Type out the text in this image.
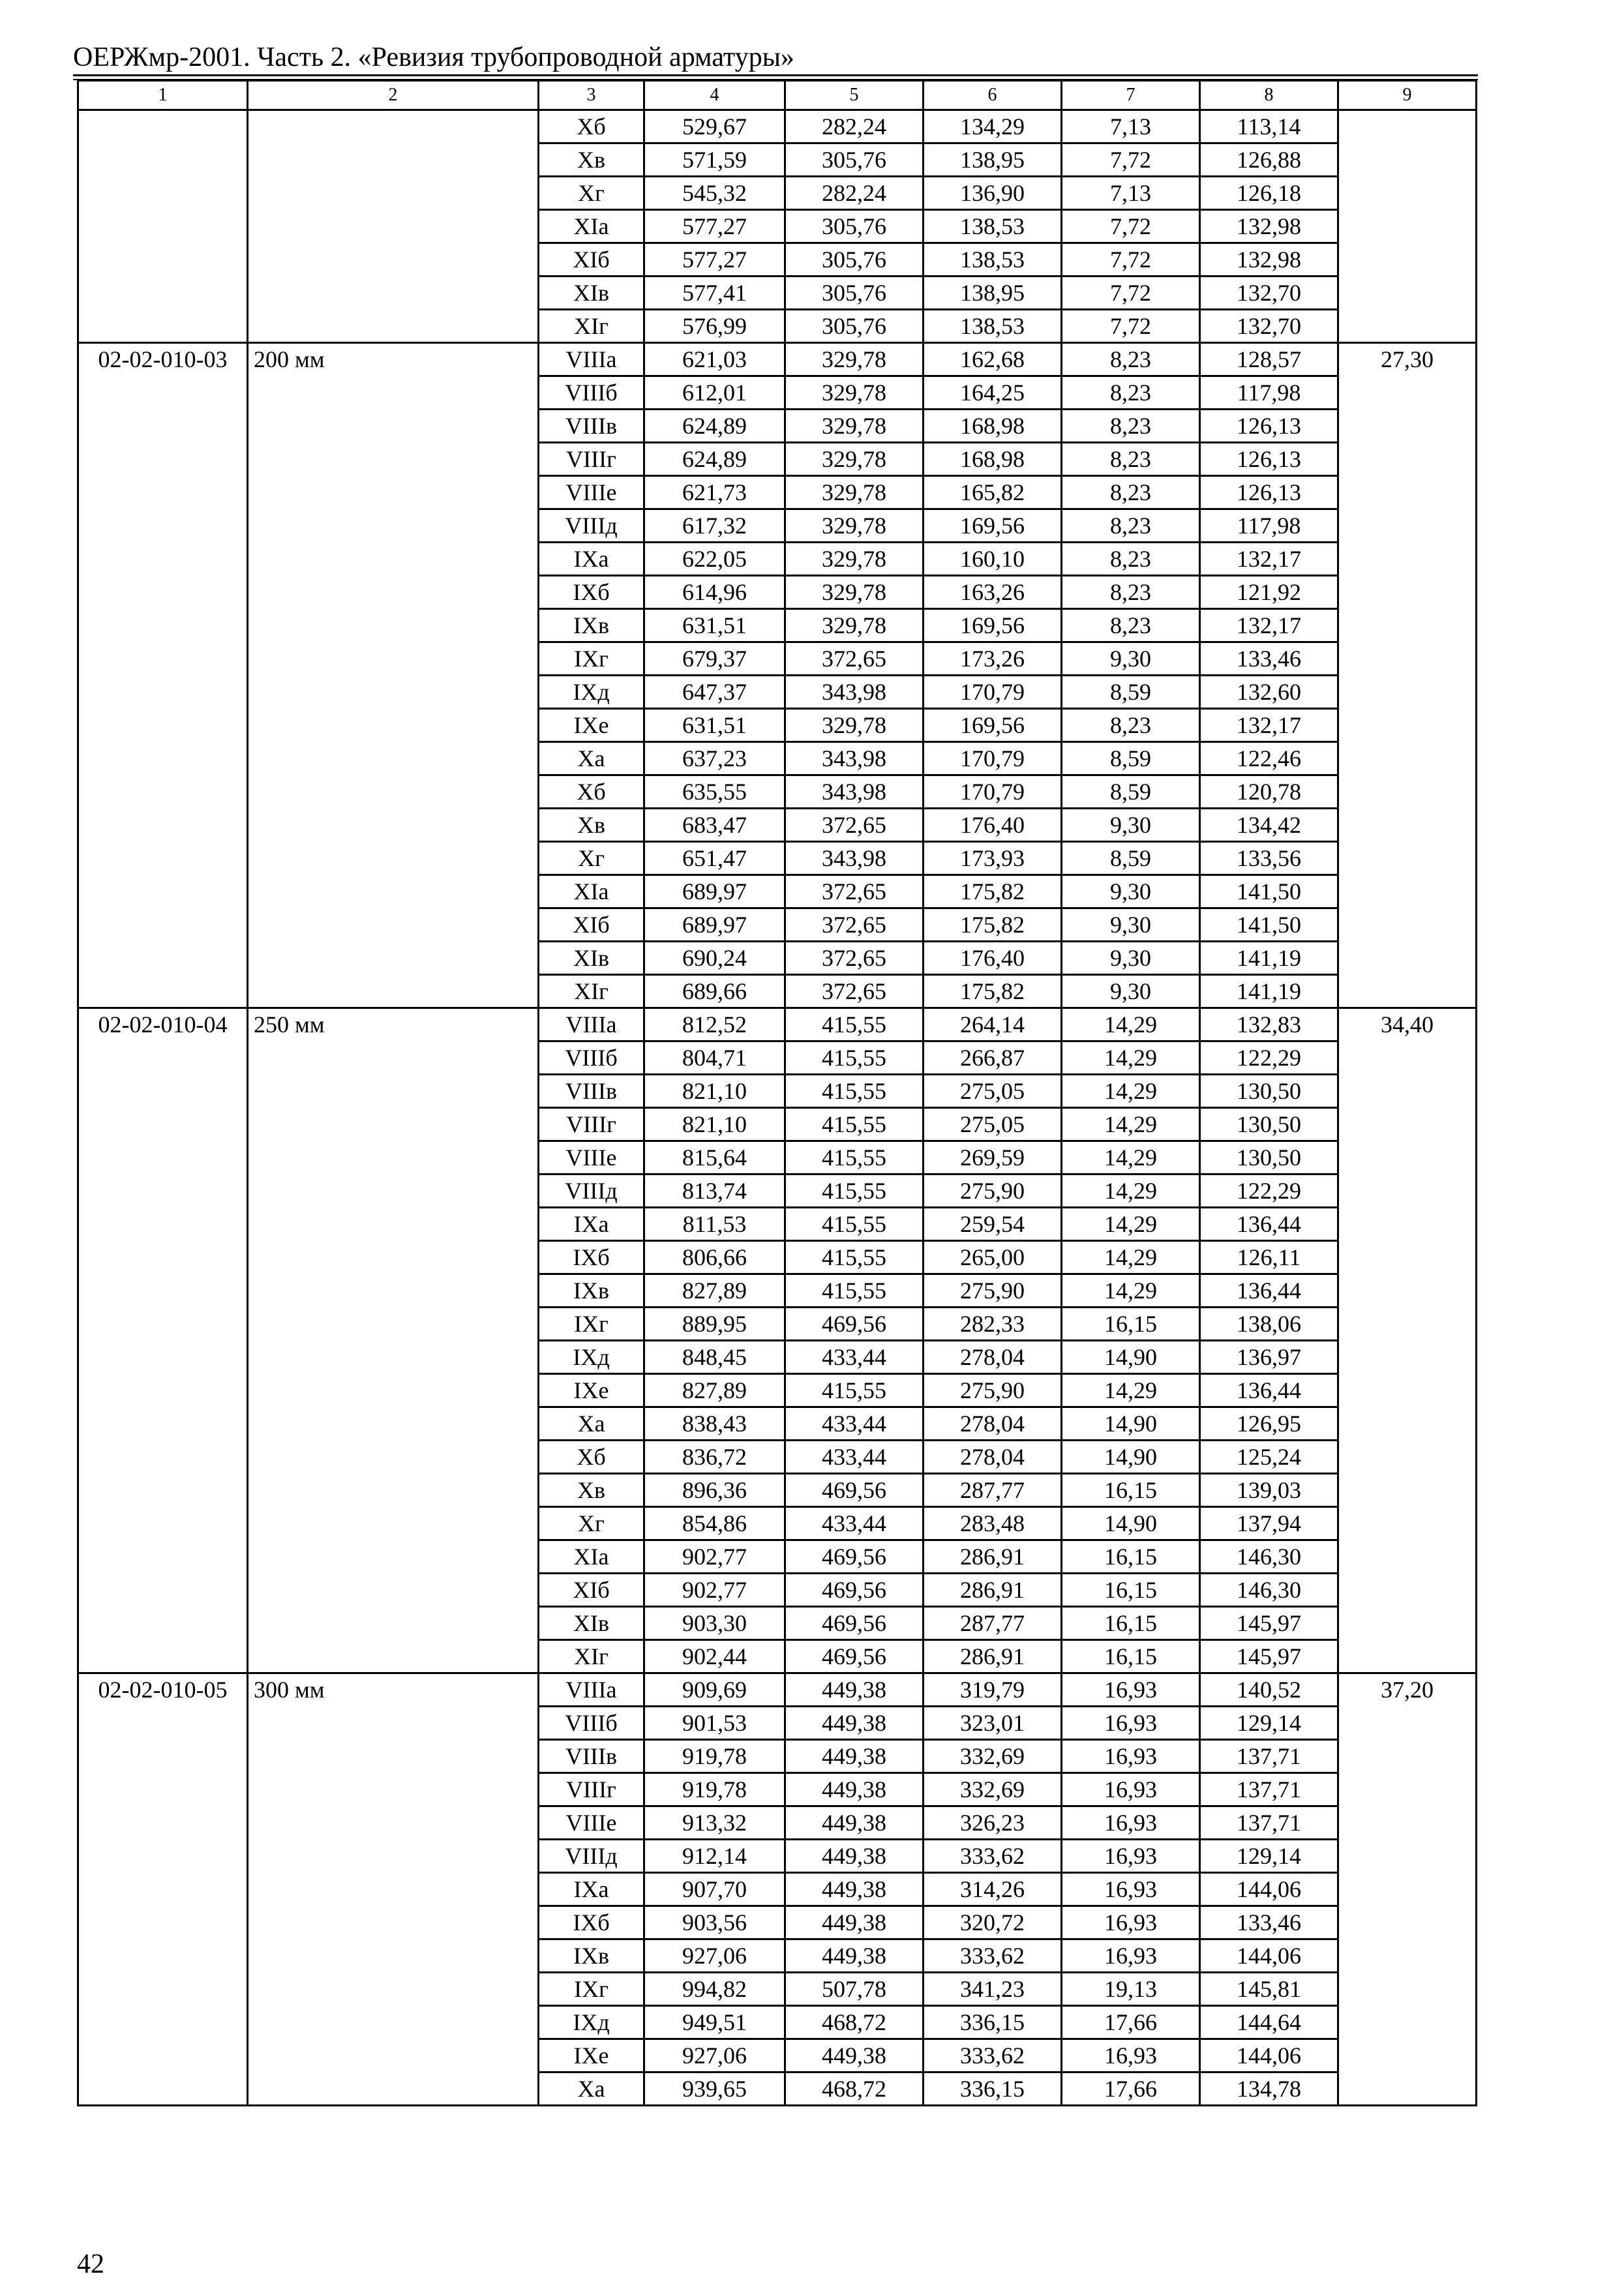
ОЕРЖмр-2001. Часть 2. «Ревизия трубопроводной арматуры»
1	2	3	4	5	6	7	8	9
		Xб	529,67	282,24	134,29	7,13	113,14	
		Xв	571,59	305,76	138,95	7,72	126,88	
		Xг	545,32	282,24	136,90	7,13	126,18	
		XIa	577,27	305,76	138,53	7,72	132,98	
		XIб	577,27	305,76	138,53	7,72	132,98	
		XIв	577,41	305,76	138,95	7,72	132,70	
		XIг	576,99	305,76	138,53	7,72	132,70	
02-02-010-03	200 мм	VIIIa	621,03	329,78	162,68	8,23	128,57	27,30
		VIIIб	612,01	329,78	164,25	8,23	117,98	
		VIIIв	624,89	329,78	168,98	8,23	126,13	
		VIIIг	624,89	329,78	168,98	8,23	126,13	
		VIIIe	621,73	329,78	165,82	8,23	126,13	
		VIIIд	617,32	329,78	169,56	8,23	117,98	
		IXa	622,05	329,78	160,10	8,23	132,17	
		IXб	614,96	329,78	163,26	8,23	121,92	
		IXв	631,51	329,78	169,56	8,23	132,17	
		IXг	679,37	372,65	173,26	9,30	133,46	
		IXд	647,37	343,98	170,79	8,59	132,60	
		IXe	631,51	329,78	169,56	8,23	132,17	
		Xa	637,23	343,98	170,79	8,59	122,46	
		Xб	635,55	343,98	170,79	8,59	120,78	
		Xв	683,47	372,65	176,40	9,30	134,42	
		Xг	651,47	343,98	173,93	8,59	133,56	
		XIa	689,97	372,65	175,82	9,30	141,50	
		XIб	689,97	372,65	175,82	9,30	141,50	
		XIв	690,24	372,65	176,40	9,30	141,19	
		XIг	689,66	372,65	175,82	9,30	141,19	
02-02-010-04	250 мм	VIIIa	812,52	415,55	264,14	14,29	132,83	34,40
		VIIIб	804,71	415,55	266,87	14,29	122,29	
		VIIIв	821,10	415,55	275,05	14,29	130,50	
		VIIIг	821,10	415,55	275,05	14,29	130,50	
		VIIIe	815,64	415,55	269,59	14,29	130,50	
		VIIIд	813,74	415,55	275,90	14,29	122,29	
		IXa	811,53	415,55	259,54	14,29	136,44	
		IXб	806,66	415,55	265,00	14,29	126,11	
		IXв	827,89	415,55	275,90	14,29	136,44	
		IXг	889,95	469,56	282,33	16,15	138,06	
		IXд	848,45	433,44	278,04	14,90	136,97	
		IXe	827,89	415,55	275,90	14,29	136,44	
		Xa	838,43	433,44	278,04	14,90	126,95	
		Xб	836,72	433,44	278,04	14,90	125,24	
		Xв	896,36	469,56	287,77	16,15	139,03	
		Xг	854,86	433,44	283,48	14,90	137,94	
		XIa	902,77	469,56	286,91	16,15	146,30	
		XIб	902,77	469,56	286,91	16,15	146,30	
		XIв	903,30	469,56	287,77	16,15	145,97	
		XIг	902,44	469,56	286,91	16,15	145,97	
02-02-010-05	300 мм	VIIIa	909,69	449,38	319,79	16,93	140,52	37,20
		VIIIб	901,53	449,38	323,01	16,93	129,14	
		VIIIв	919,78	449,38	332,69	16,93	137,71	
		VIIIг	919,78	449,38	332,69	16,93	137,71	
		VIIIe	913,32	449,38	326,23	16,93	137,71	
		VIIIд	912,14	449,38	333,62	16,93	129,14	
		IXa	907,70	449,38	314,26	16,93	144,06	
		IXб	903,56	449,38	320,72	16,93	133,46	
		IXв	927,06	449,38	333,62	16,93	144,06	
		IXг	994,82	507,78	341,23	19,13	145,81	
		IXд	949,51	468,72	336,15	17,66	144,64	
		IXe	927,06	449,38	333,62	16,93	144,06	
		Xa	939,65	468,72	336,15	17,66	134,78	
42
